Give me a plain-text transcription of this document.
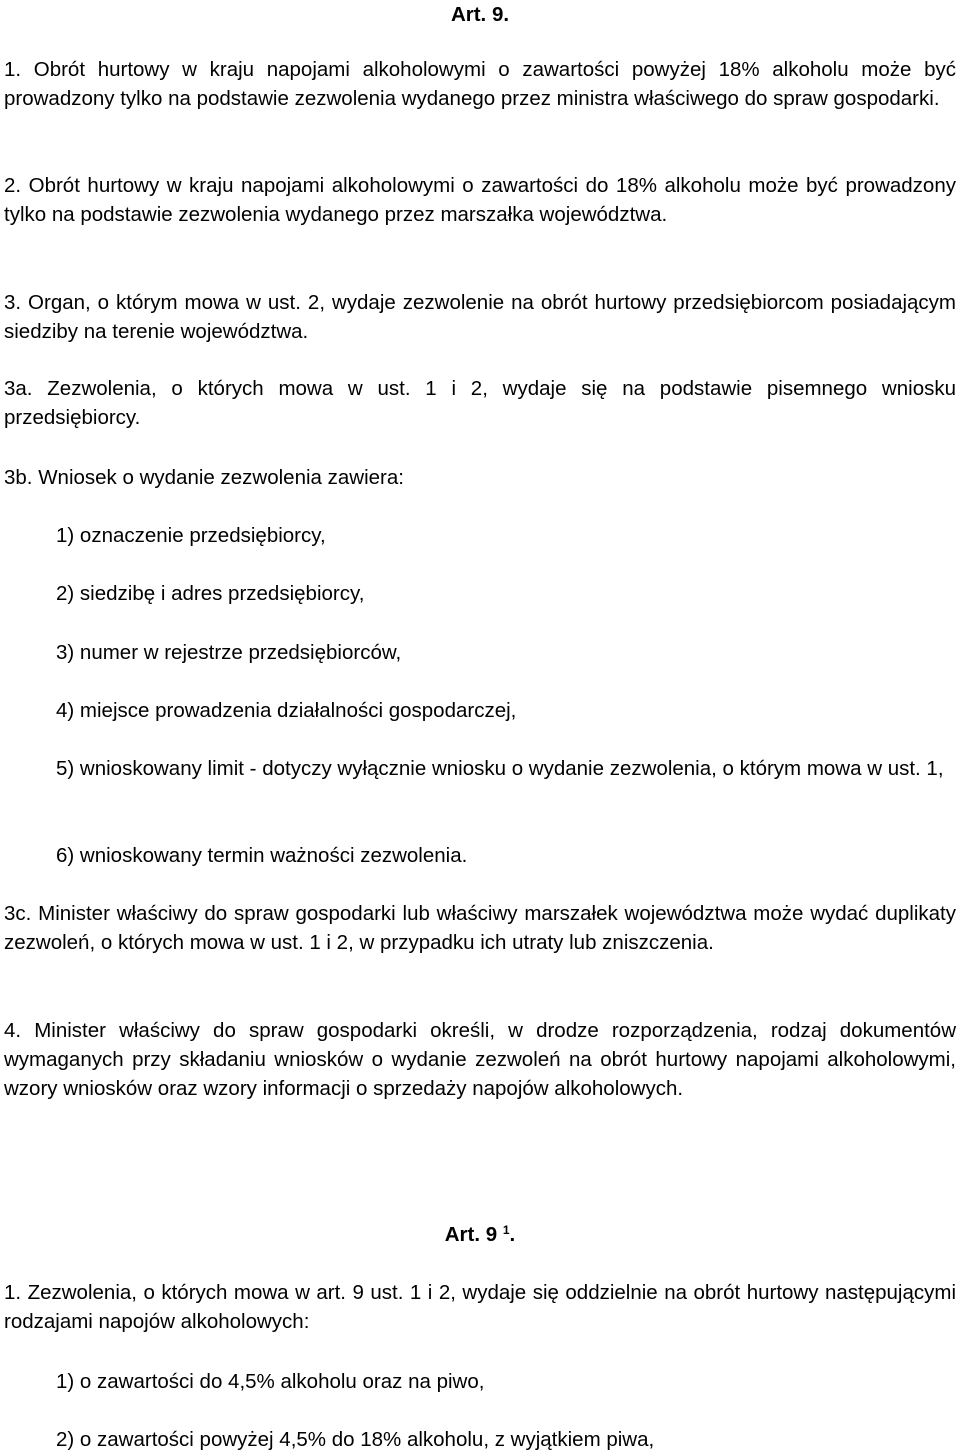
Art. 9.
1. Obrót hurtowy w kraju napojami alkoholowymi o zawartości powyżej 18% alkoholu może być prowadzony tylko na podstawie zezwolenia wydanego przez ministra właściwego do spraw gospodarki.
2. Obrót hurtowy w kraju napojami alkoholowymi o zawartości do 18% alkoholu może być prowadzony tylko na podstawie zezwolenia wydanego przez marszałka województwa.
3. Organ, o którym mowa w ust. 2, wydaje zezwolenie na obrót hurtowy przedsiębiorcom posiadającym siedziby na terenie województwa.
3a. Zezwolenia, o których mowa w ust. 1 i 2, wydaje się na podstawie pisemnego wniosku przedsiębiorcy.
3b. Wniosek o wydanie zezwolenia zawiera:
1) oznaczenie przedsiębiorcy,
2) siedzibę i adres przedsiębiorcy,
3) numer w rejestrze przedsiębiorców,
4) miejsce prowadzenia działalności gospodarczej,
5) wnioskowany limit - dotyczy wyłącznie wniosku o wydanie zezwolenia, o którym mowa w ust. 1,
6) wnioskowany termin ważności zezwolenia.
3c. Minister właściwy do spraw gospodarki lub właściwy marszałek województwa może wydać duplikaty zezwoleń, o których mowa w ust. 1 i 2, w przypadku ich utraty lub zniszczenia.
4. Minister właściwy do spraw gospodarki określi, w drodze rozporządzenia, rodzaj dokumentów wymaganych przy składaniu wniosków o wydanie zezwoleń na obrót hurtowy napojami alkoholowymi, wzory wniosków oraz wzory informacji o sprzedaży napojów alkoholowych.
Art. 9 $^1$.
1. Zezwolenia, o których mowa w art. 9 ust. 1 i 2, wydaje się oddzielnie na obrót hurtowy następującymi rodzajami napojów alkoholowych:
1) o zawartości do 4,5% alkoholu oraz na piwo,
2) o zawartości powyżej 4,5% do 18% alkoholu, z wyjątkiem piwa,
